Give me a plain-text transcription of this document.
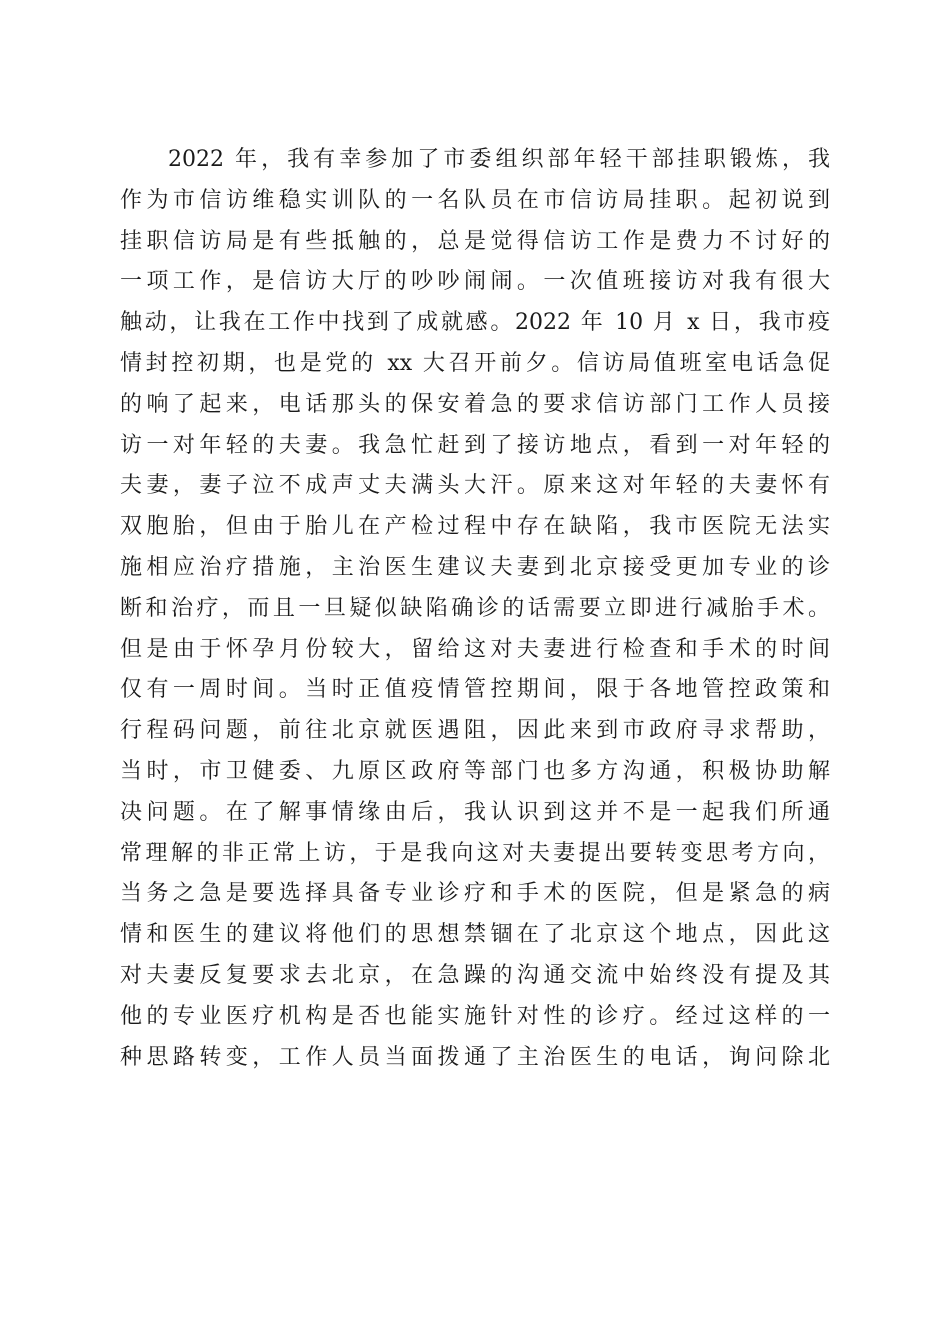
2022 年，我有幸参加了市委组织部年轻干部挂职锻炼，我
作为市信访维稳实训队的一名队员在市信访局挂职。起初说到
挂职信访局是有些抵触的，总是觉得信访工作是费力不讨好的
一项工作，是信访大厅的吵吵闹闹。一次值班接访对我有很大
触动，让我在工作中找到了成就感。2022 年 10 月 x 日，我市疫
情封控初期，也是党的 xx 大召开前夕。信访局值班室电话急促
的响了起来，电话那头的保安着急的要求信访部门工作人员接
访一对年轻的夫妻。我急忙赶到了接访地点，看到一对年轻的
夫妻，妻子泣不成声丈夫满头大汗。原来这对年轻的夫妻怀有
双胞胎，但由于胎儿在产检过程中存在缺陷，我市医院无法实
施相应治疗措施，主治医生建议夫妻到北京接受更加专业的诊
断和治疗，而且一旦疑似缺陷确诊的话需要立即进行减胎手术。
但是由于怀孕月份较大，留给这对夫妻进行检查和手术的时间
仅有一周时间。当时正值疫情管控期间，限于各地管控政策和
行程码问题，前往北京就医遇阻，因此来到市政府寻求帮助，
当时，市卫健委、九原区政府等部门也多方沟通，积极协助解
决问题。在了解事情缘由后，我认识到这并不是一起我们所通
常理解的非正常上访，于是我向这对夫妻提出要转变思考方向，
当务之急是要选择具备专业诊疗和手术的医院，但是紧急的病
情和医生的建议将他们的思想禁锢在了北京这个地点，因此这
对夫妻反复要求去北京，在急躁的沟通交流中始终没有提及其
他的专业医疗机构是否也能实施针对性的诊疗。经过这样的一
种思路转变，工作人员当面拨通了主治医生的电话，询问除北
